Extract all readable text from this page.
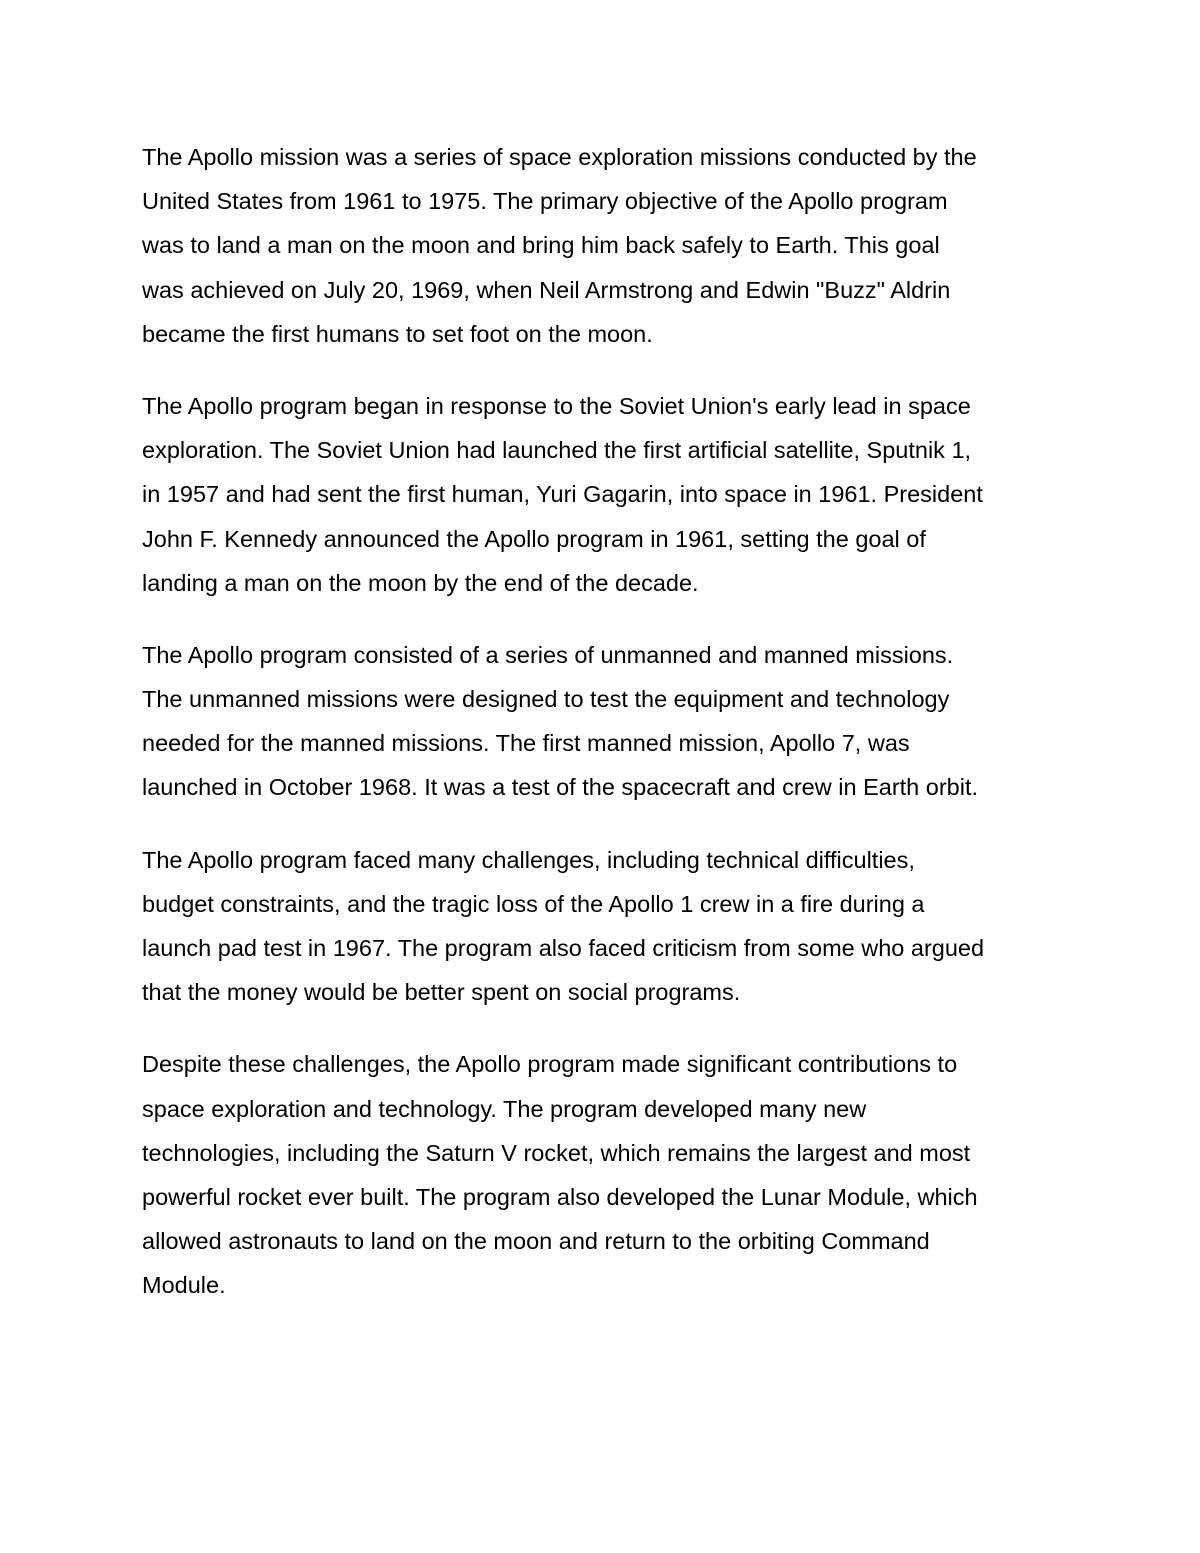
The Apollo mission was a series of space exploration missions conducted by the
United States from 1961 to 1975. The primary objective of the Apollo program
was to land a man on the moon and bring him back safely to Earth. This goal
was achieved on July 20, 1969, when Neil Armstrong and Edwin "Buzz" Aldrin
became the first humans to set foot on the moon.

The Apollo program began in response to the Soviet Union's early lead in space
exploration. The Soviet Union had launched the first artificial satellite, Sputnik 1,
in 1957 and had sent the first human, Yuri Gagarin, into space in 1961. President
John F. Kennedy announced the Apollo program in 1961, setting the goal of
landing a man on the moon by the end of the decade.

The Apollo program consisted of a series of unmanned and manned missions.
The unmanned missions were designed to test the equipment and technology
needed for the manned missions. The first manned mission, Apollo 7, was
launched in October 1968. It was a test of the spacecraft and crew in Earth orbit.

The Apollo program faced many challenges, including technical difficulties,
budget constraints, and the tragic loss of the Apollo 1 crew in a fire during a
launch pad test in 1967. The program also faced criticism from some who argued
that the money would be better spent on social programs.

Despite these challenges, the Apollo program made significant contributions to
space exploration and technology. The program developed many new
technologies, including the Saturn V rocket, which remains the largest and most
powerful rocket ever built. The program also developed the Lunar Module, which
allowed astronauts to land on the moon and return to the orbiting Command
Module.
